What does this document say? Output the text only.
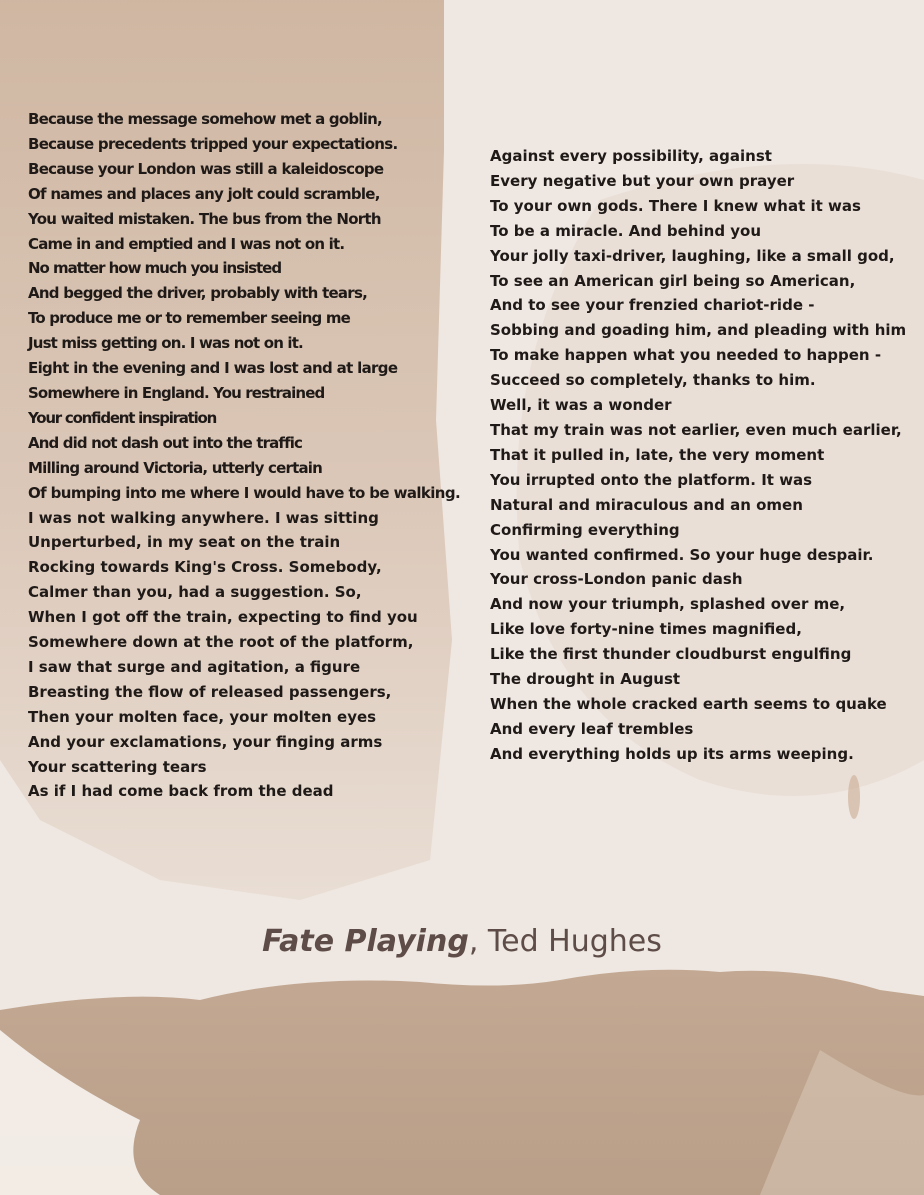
Because the message somehow met a goblin,
Because precedents tripped your expectations.
Because your London was still a kaleidoscope
Of names and places any jolt could scramble,
You waited mistaken. The bus from the North
Came in and emptied and I was not on it.
No matter how much you insisted
And begged the driver, probably with tears,
To produce me or to remember seeing me
Just miss getting on. I was not on it.
Eight in the evening and I was lost and at large
Somewhere in England. You restrained
Your confident inspiration
And did not dash out into the traffic
Milling around Victoria, utterly certain
Of bumping into me where I would have to be walking.
I was not walking anywhere. I was sitting
Unperturbed, in my seat on the train
Rocking towards King's Cross. Somebody,
Calmer than you, had a suggestion. So,
When I got off the train, expecting to find you
Somewhere down at the root of the platform,
I saw that surge and agitation, a figure
Breasting the flow of released passengers,
Then your molten face, your molten eyes
And your exclamations, your finging arms
Your scattering tears
As if I had come back from the dead
Against every possibility, against
Every negative but your own prayer
To your own gods. There I knew what it was
To be a miracle. And behind you
Your jolly taxi-driver, laughing, like a small god,
To see an American girl being so American,
And to see your frenzied chariot-ride -
Sobbing and goading him, and pleading with him
To make happen what you needed to happen -
Succeed so completely, thanks to him.
Well, it was a wonder
That my train was not earlier, even much earlier,
That it pulled in, late, the very moment
You irrupted onto the platform. It was
Natural and miraculous and an omen
Confirming everything
You wanted confirmed. So your huge despair.
Your cross-London panic dash
And now your triumph, splashed over me,
Like love forty-nine times magnified,
Like the first thunder cloudburst engulfing
The drought in August
When the whole cracked earth seems to quake
And every leaf trembles
And everything holds up its arms weeping.
Fate Playing, Ted Hughes
